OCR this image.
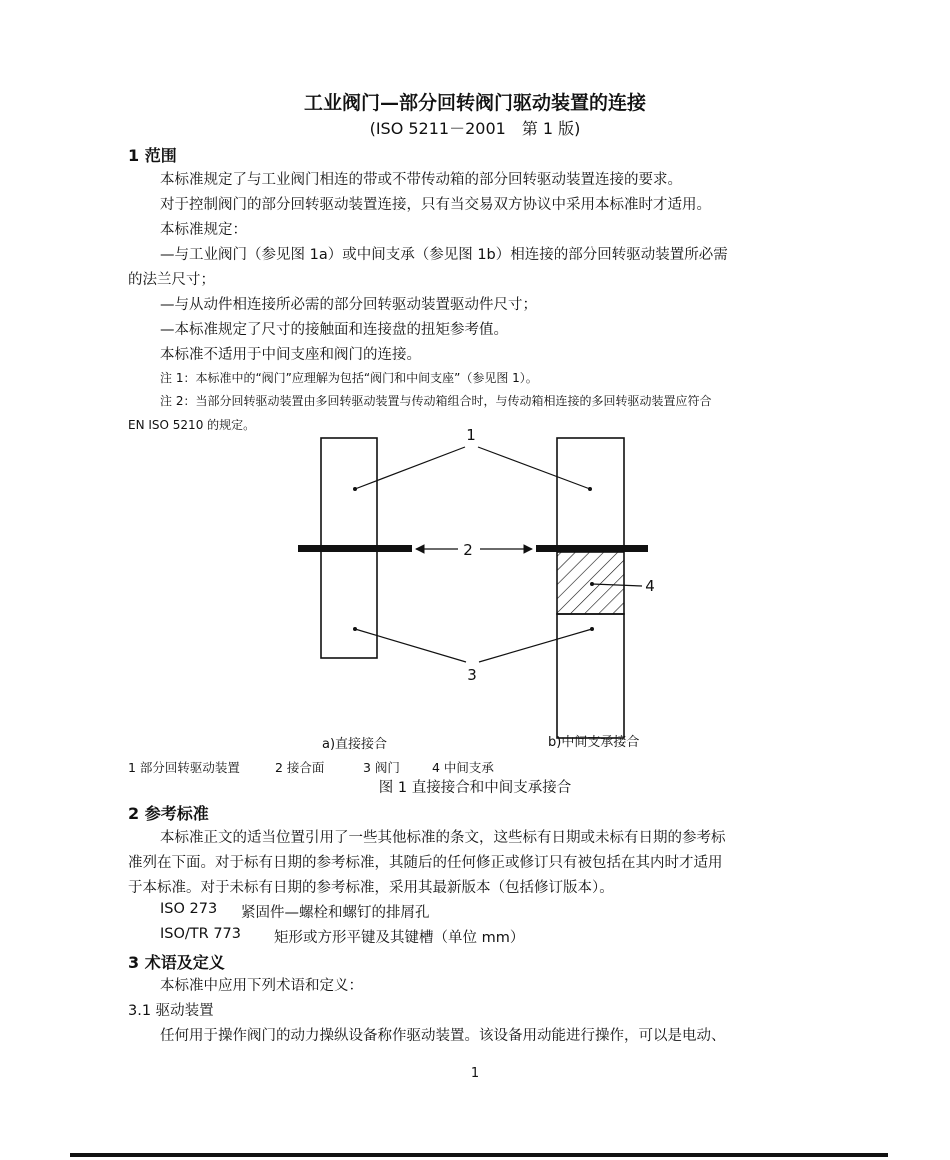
工业阀门—部分回转阀门驱动装置的连接
(ISO 5211－2001　第 1 版)
1 范围
本标准规定了与工业阀门相连的带或不带传动箱的部分回转驱动装置连接的要求。
对于控制阀门的部分回转驱动装置连接，只有当交易双方协议中采用本标准时才适用。
本标准规定：
—与工业阀门（参见图 1a）或中间支承（参见图 1b）相连接的部分回转驱动装置所必需
的法兰尺寸；
—与从动件相连接所必需的部分回转驱动装置驱动件尺寸；
—本标准规定了尺寸的接触面和连接盘的扭矩参考值。
本标准不适用于中间支座和阀门的连接。
注 1：本标准中的“阀门”应理解为包括“阀门和中间支座”（参见图 1）。
注 2：当部分回转驱动装置由多回转驱动装置与传动箱组合时，与传动箱相连接的多回转驱动装置应符合
EN ISO 5210 的规定。
1
2
3
4
a)直接接合	b)中间支承接合
1 部分回转驱动装置	2 接合面	3 阀门	4 中间支承
图 1 直接接合和中间支承接合
2 参考标准
本标准正文的适当位置引用了一些其他标准的条文，这些标有日期或未标有日期的参考标
准列在下面。对于标有日期的参考标准，其随后的任何修正或修订只有被包括在其内时才适用
于本标准。对于未标有日期的参考标准，采用其最新版本（包括修订版本）。
ISO 273 紧固件—螺栓和螺钉的排屑孔
ISO/TR 773 矩形或方形平键及其键槽（单位 mm）
3 术语及定义
本标准中应用下列术语和定义：
3.1 驱动装置
任何用于操作阀门的动力操纵设备称作驱动装置。该设备用动能进行操作，可以是电动、
1
